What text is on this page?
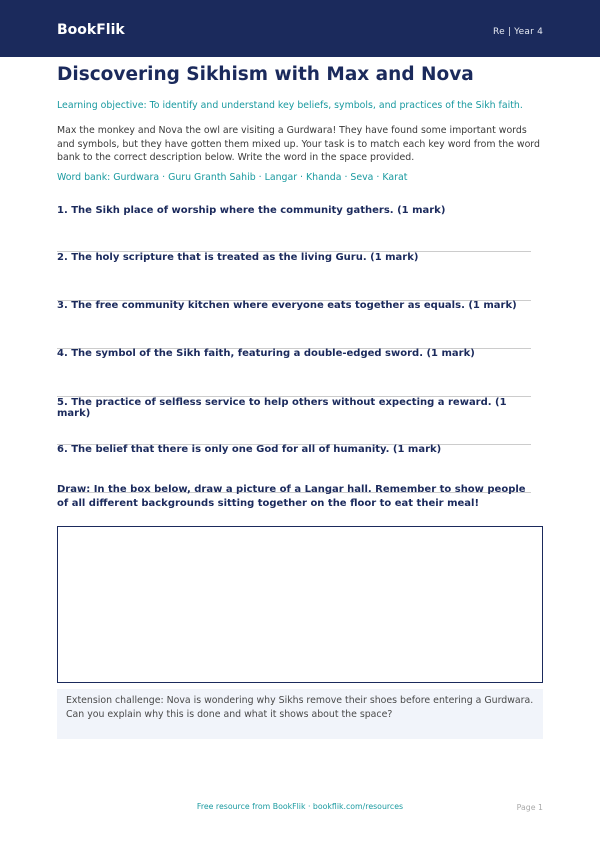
BookFlik	Re | Year 4
Discovering Sikhism with Max and Nova
Learning objective: To identify and understand key beliefs, symbols, and practices of the Sikh faith.
Max the monkey and Nova the owl are visiting a Gurdwara! They have found some important words and symbols, but they have gotten them mixed up. Your task is to match each key word from the word bank to the correct description below. Write the word in the space provided.
Word bank: Gurdwara · Guru Granth Sahib · Langar · Khanda · Seva · Karat
1. The Sikh place of worship where the community gathers. (1 mark)
2. The holy scripture that is treated as the living Guru. (1 mark)
3. The free community kitchen where everyone eats together as equals. (1 mark)
4. The symbol of the Sikh faith, featuring a double-edged sword. (1 mark)
5. The practice of selfless service to help others without expecting a reward. (1 mark)
6. The belief that there is only one God for all of humanity. (1 mark)
Draw: In the box below, draw a picture of a Langar hall. Remember to show people of all different backgrounds sitting together on the floor to eat their meal!
Extension challenge: Nova is wondering why Sikhs remove their shoes before entering a Gurdwara. Can you explain why this is done and what it shows about the space?
Free resource from BookFlik · bookflik.com/resources	Page 1
